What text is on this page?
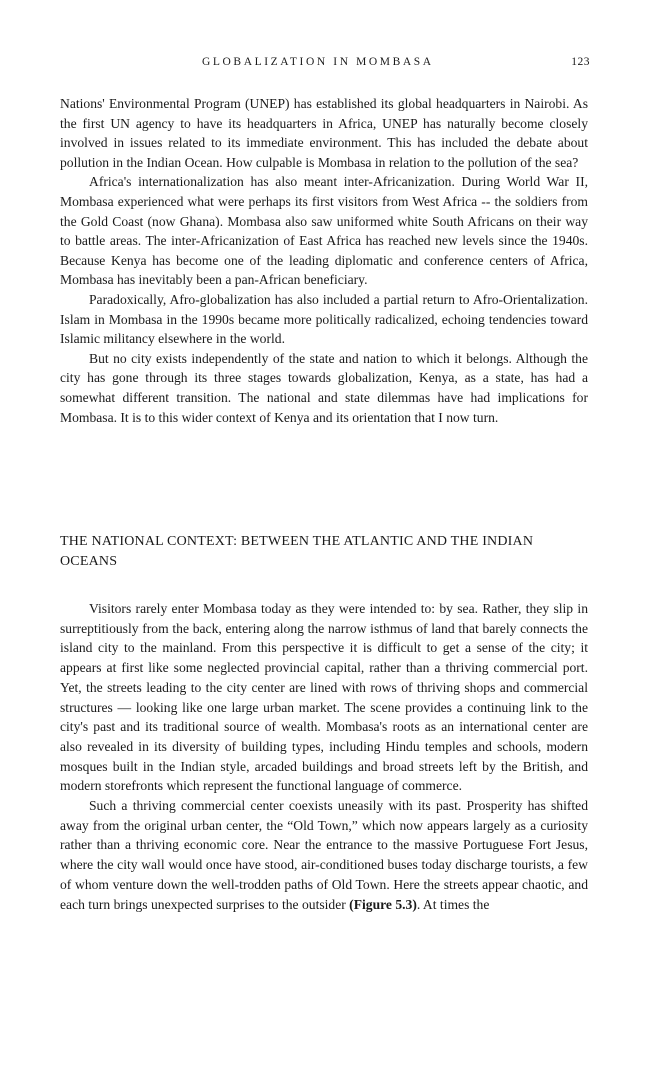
GLOBALIZATION IN MOMBASA	123

Nations' Environmental Program (UNEP) has established its global headquarters in Nairobi. As the first UN agency to have its headquarters in Africa, UNEP has naturally become closely involved in issues related to its immediate environment. This has included the debate about pollution in the Indian Ocean. How culpable is Mombasa in relation to the pollution of the sea?

Africa's internationalization has also meant inter-Africanization. During World War II, Mombasa experienced what were perhaps its first visitors from West Africa -- the soldiers from the Gold Coast (now Ghana). Mombasa also saw uniformed white South Africans on their way to battle areas. The inter-Africanization of East Africa has reached new levels since the 1940s. Because Kenya has become one of the leading diplomatic and conference centers of Africa, Mombasa has inevitably been a pan-African beneficiary.

Paradoxically, Afro-globalization has also included a partial return to Afro-Orientalization. Islam in Mombasa in the 1990s became more politically radicalized, echoing tendencies toward Islamic militancy elsewhere in the world.

But no city exists independently of the state and nation to which it belongs. Although the city has gone through its three stages towards globalization, Kenya, as a state, has had a somewhat different transition. The national and state dilemmas have had implications for Mombasa. It is to this wider context of Kenya and its orientation that I now turn.

THE NATIONAL CONTEXT: BETWEEN THE ATLANTIC AND THE INDIAN OCEANS

Visitors rarely enter Mombasa today as they were intended to: by sea. Rather, they slip in surreptitiously from the back, entering along the narrow isthmus of land that barely connects the island city to the mainland. From this perspective it is difficult to get a sense of the city; it appears at first like some neglected provincial capital, rather than a thriving commercial port. Yet, the streets leading to the city center are lined with rows of thriving shops and commercial structures — looking like one large urban market. The scene provides a continuing link to the city's past and its traditional source of wealth. Mombasa's roots as an international center are also revealed in its diversity of building types, including Hindu temples and schools, modern mosques built in the Indian style, arcaded buildings and broad streets left by the British, and modern storefronts which represent the functional language of commerce.

Such a thriving commercial center coexists uneasily with its past. Prosperity has shifted away from the original urban center, the “Old Town,” which now appears largely as a curiosity rather than a thriving economic core. Near the entrance to the massive Portuguese Fort Jesus, where the city wall would once have stood, air-conditioned buses today discharge tourists, a few of whom venture down the well-trodden paths of Old Town. Here the streets appear chaotic, and each turn brings unexpected surprises to the outsider (Figure 5.3). At times the
